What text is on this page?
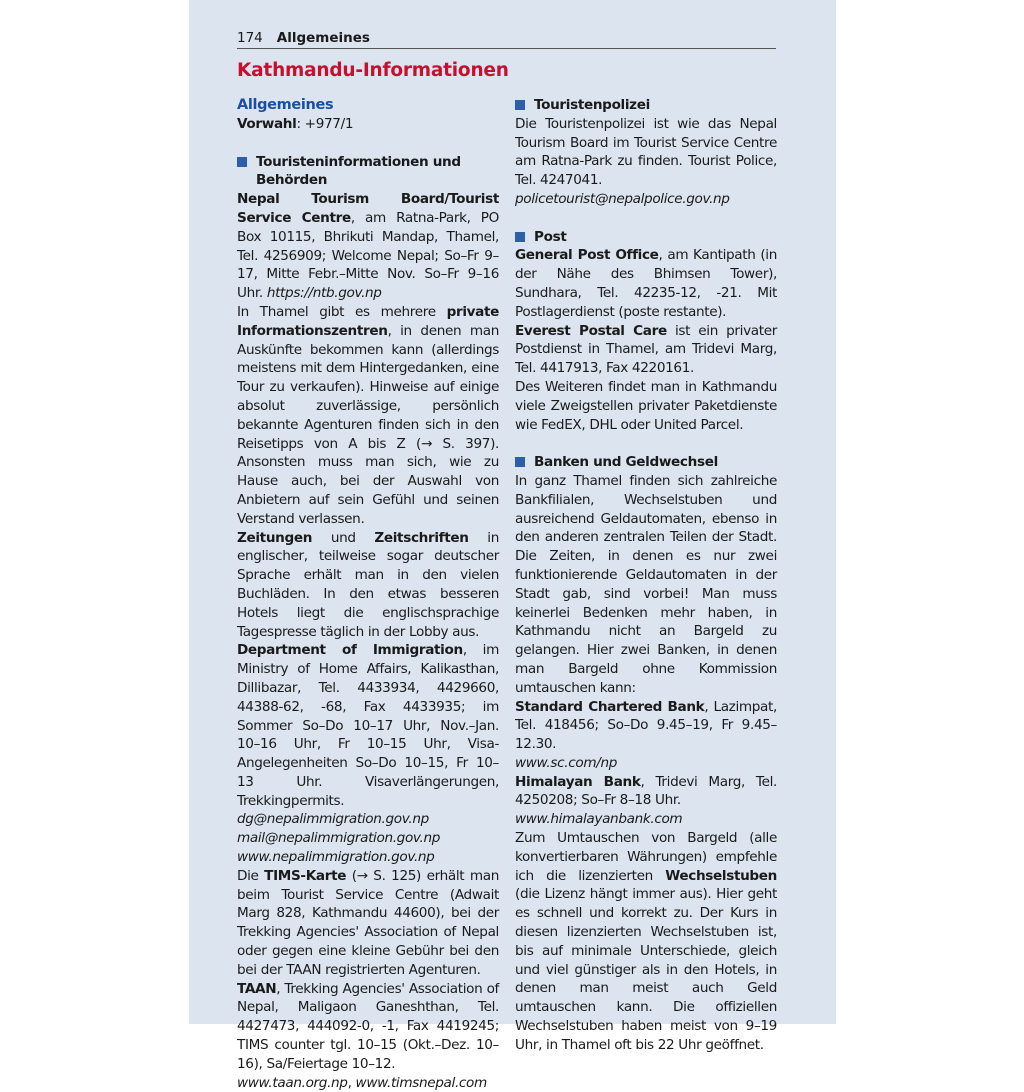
174 Allgemeines
Kathmandu-Informationen
Allgemeines

Vorwahl: +977/1

Touristeninformationen und Behörden

Nepal Tourism Board/Tourist Service Centre, am Ratna-Park, PO Box 10115, Bhrikuti Mandap, Thamel, Tel. 4256909; Welcome Nepal; So–Fr 9–17, Mitte Febr.–Mitte Nov. So–Fr 9–16 Uhr. https://ntb.gov.np

In Thamel gibt es mehrere private Informationszentren, in denen man Auskünfte bekommen kann (allerdings meistens mit dem Hintergedanken, eine Tour zu verkaufen). Hinweise auf einige absolut zuverlässige, persönlich bekannte Agenturen finden sich in den Reisetipps von A bis Z (→ S. 397). Ansonsten muss man sich, wie zu Hause auch, bei der Auswahl von Anbietern auf sein Gefühl und seinen Verstand verlassen.

Zeitungen und Zeitschriften in englischer, teilweise sogar deutscher Sprache erhält man in den vielen Buchläden. In den etwas besseren Hotels liegt die englischsprachige Tagespresse täglich in der Lobby aus.

Department of Immigration, im Ministry of Home Affairs, Kalikasthan, Dillibazar, Tel. 4433934, 4429660, 44388-62, -68, Fax 4433935; im Sommer So–Do 10–17 Uhr, Nov.–Jan. 10–16 Uhr, Fr 10–15 Uhr, Visa-Angelegenheiten So–Do 10–15, Fr 10–13 Uhr. Visaverlängerungen, Trekkingpermits.

dg@nepalimmigration.gov.np

mail@nepalimmigration.gov.np

www.nepalimmigration.gov.np

Die TIMS-Karte (→ S. 125) erhält man beim Tourist Service Centre (Adwait Marg 828, Kathmandu 44600), bei der Trekking Agencies' Association of Nepal oder gegen eine kleine Gebühr bei den bei der TAAN registrierten Agenturen.

TAAN, Trekking Agencies' Association of Nepal, Maligaon Ganeshthan, Tel. 4427473, 444092-0, -1, Fax 4419245; TIMS counter tgl. 10–15 (Okt.–Dez. 10–16), Sa/Feiertage 10–12.

www.taan.org.np, www.timsnepal.com

Touristenpolizei

Die Touristenpolizei ist wie das Nepal Tourism Board im Tourist Service Centre am Ratna-Park zu finden. Tourist Police, Tel. 4247041.

policetourist@nepalpolice.gov.np

Post

General Post Office, am Kantipath (in der Nähe des Bhimsen Tower), Sundhara, Tel. 42235-12, -21. Mit Postlagerdienst (poste restante).

Everest Postal Care ist ein privater Postdienst in Thamel, am Tridevi Marg, Tel. 4417913, Fax 4220161.

Des Weiteren findet man in Kathmandu viele Zweigstellen privater Paketdienste wie FedEX, DHL oder United Parcel.

Banken und Geldwechsel

In ganz Thamel finden sich zahlreiche Bankfilialen, Wechselstuben und ausreichend Geldautomaten, ebenso in den anderen zentralen Teilen der Stadt. Die Zeiten, in denen es nur zwei funktionierende Geldautomaten in der Stadt gab, sind vorbei! Man muss keinerlei Bedenken mehr haben, in Kathmandu nicht an Bargeld zu gelangen. Hier zwei Banken, in denen man Bargeld ohne Kommission umtauschen kann:

Standard Chartered Bank, Lazimpat, Tel. 418456; So–Do 9.45–19, Fr 9.45–12.30.

www.sc.com/np

Himalayan Bank, Tridevi Marg, Tel. 4250208; So–Fr 8–18 Uhr.

www.himalayanbank.com

Zum Umtauschen von Bargeld (alle konvertierbaren Währungen) empfehle ich die lizenzierten Wechselstuben (die Lizenz hängt immer aus). Hier geht es schnell und korrekt zu. Der Kurs in diesen lizenzierten Wechselstuben ist, bis auf minimale Unterschiede, gleich und viel günstiger als in den Hotels, in denen man meist auch Geld umtauschen kann. Die offiziellen Wechselstuben haben meist von 9–19 Uhr, in Thamel oft bis 22 Uhr geöffnet.
